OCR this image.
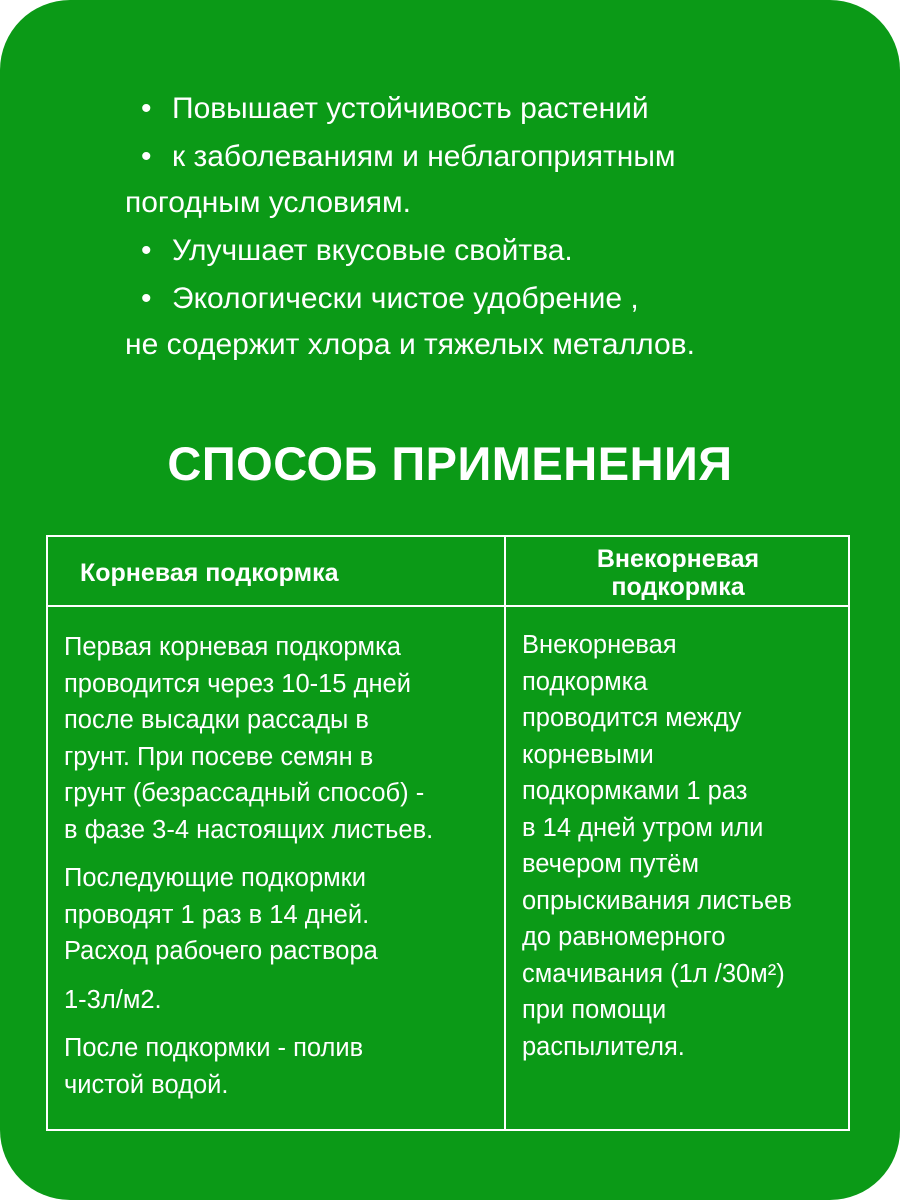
• Повышает устойчивость растений
• к заболеваниям и неблагоприятным
погодным условиям.
• Улучшает вкусовые свойтва.
• Экологически чистое удобрение ,
не содержит хлора и тяжелых металлов.
СПОСОБ ПРИМЕНЕНИЯ
Корневая подкормка	Внекорневая
подкормка

Первая корневая подкормка

проводится через 10-15 дней

после высадки рассады в

грунт. При посеве семян в

грунт (безрассадный способ) -

в фазе 3-4 настоящих листьев.

Последующие подкормки

проводят 1 раз в 14 дней.

Расход рабочего раствора

1-3л/м2.

После подкормки - полив

чистой водой.

Внекорневая

подкормка

проводится между

корневыми

подкормками 1 раз

в 14 дней утром или

вечером путём

опрыскивания листьев

до равномерного

смачивания (1л /30м²)

при помощи

распылителя.
